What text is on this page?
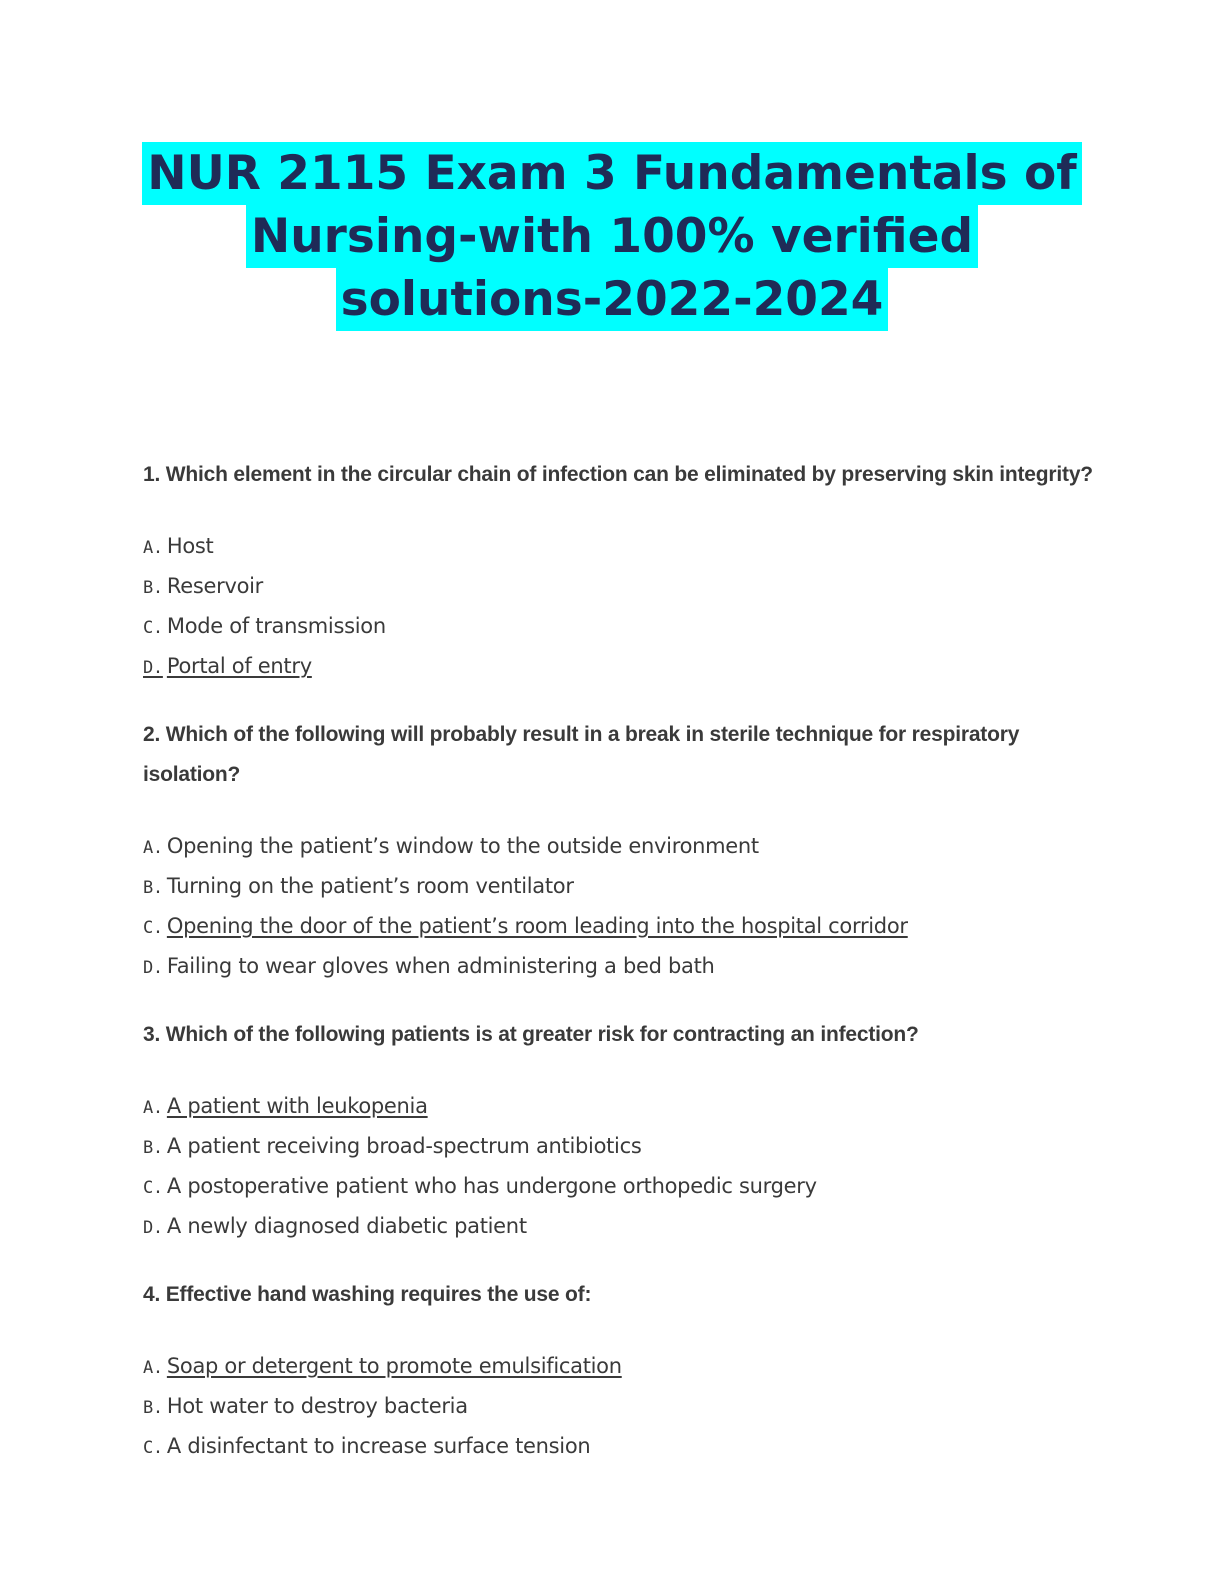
NUR 2115 Exam 3 Fundamentals of
Nursing-with 100% verified
solutions-2022-2024

1. Which element in the circular chain of infection can be eliminated by preserving skin integrity?

A. Host
B. Reservoir
C. Mode of transmission
D. Portal of entry

2. Which of the following will probably result in a break in sterile technique for respiratory isolation?

A. Opening the patient’s window to the outside environment
B. Turning on the patient’s room ventilator
C. Opening the door of the patient’s room leading into the hospital corridor
D. Failing to wear gloves when administering a bed bath

3. Which of the following patients is at greater risk for contracting an infection?

A. A patient with leukopenia
B. A patient receiving broad-spectrum antibiotics
C. A postoperative patient who has undergone orthopedic surgery
D. A newly diagnosed diabetic patient

4. Effective hand washing requires the use of:

A. Soap or detergent to promote emulsification
B. Hot water to destroy bacteria
C. A disinfectant to increase surface tension
